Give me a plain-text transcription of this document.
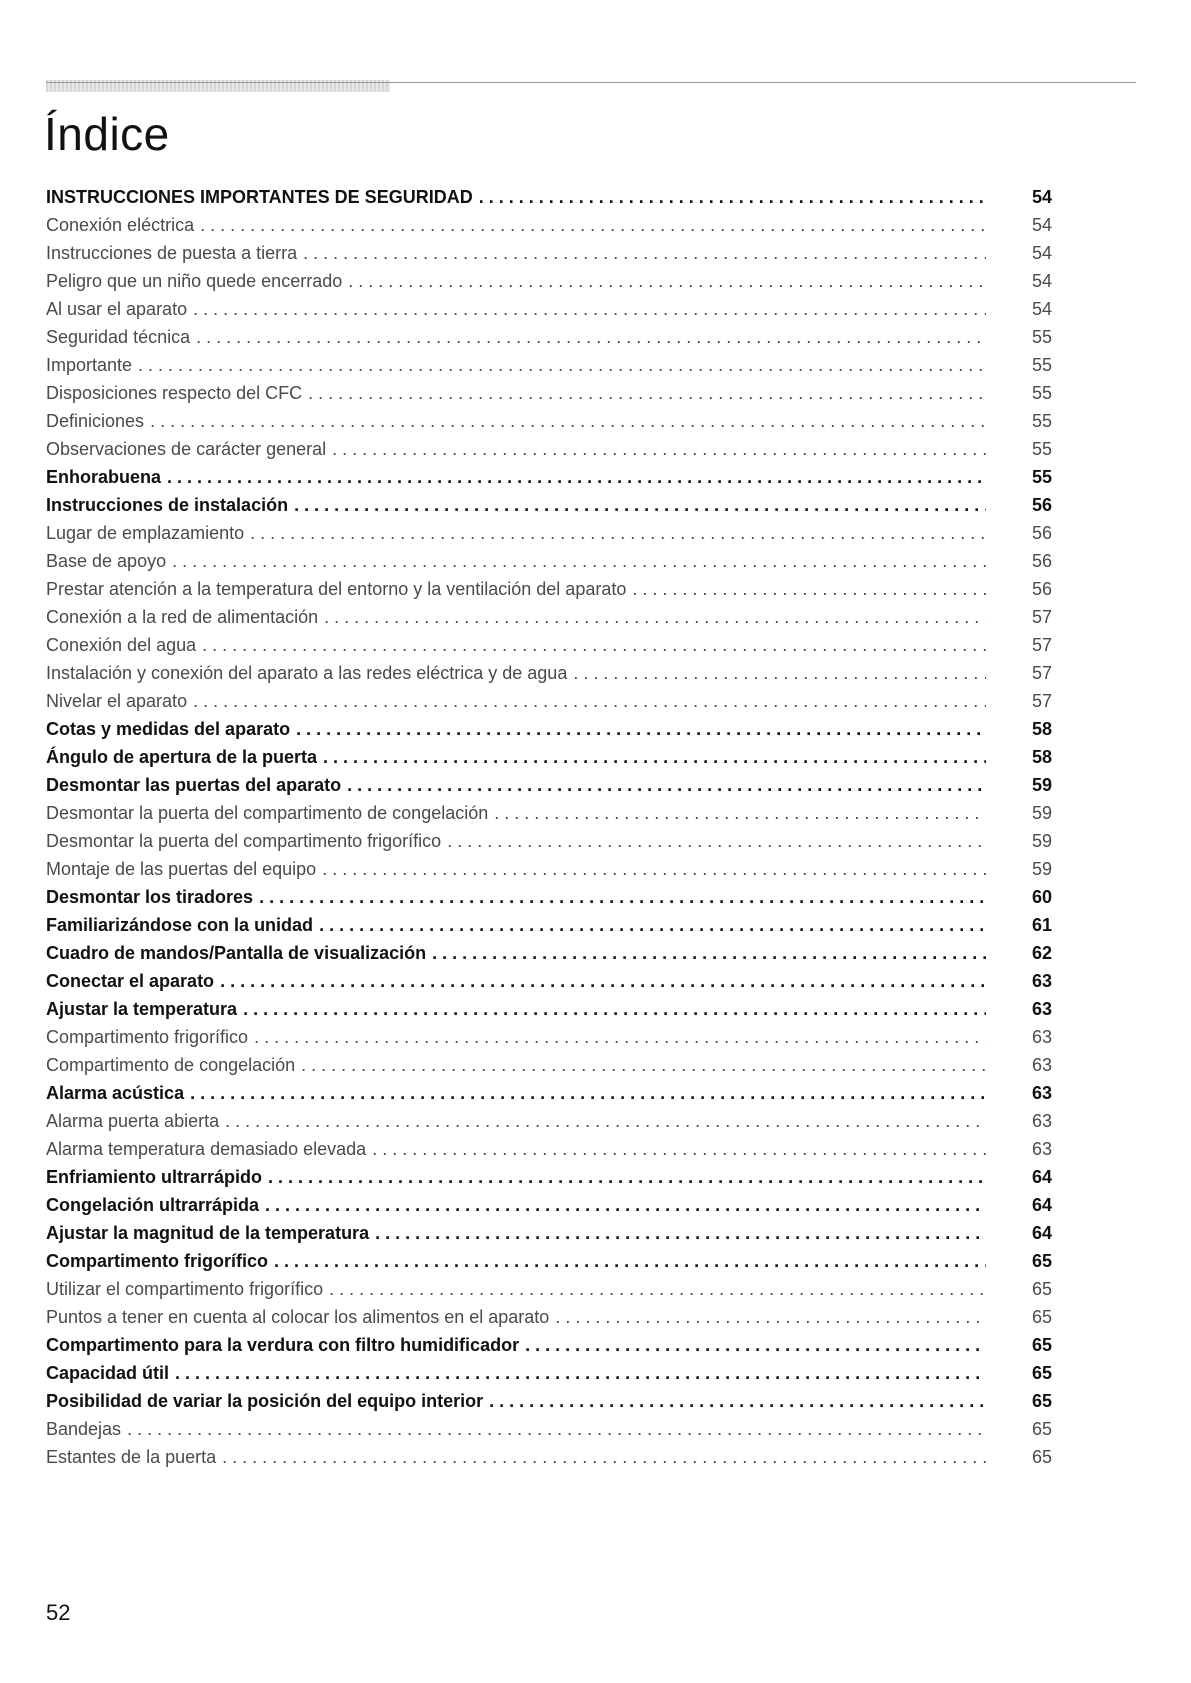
Índice
INSTRUCCIONES IMPORTANTES DE SEGURIDAD . . .	54
Conexión eléctrica . . .	54
Instrucciones de puesta a tierra . . .	54
Peligro que un niño quede encerrado . . .	54
Al usar el aparato . . .	54
Seguridad técnica . . .	55
Importante . . .	55
Disposiciones respecto del CFC . . .	55
Definiciones . . .	55
Observaciones de carácter general . . .	55
Enhorabuena . . .	55
Instrucciones de instalación . . .	56
Lugar de emplazamiento . . .	56
Base de apoyo . . .	56
Prestar atención a la temperatura del entorno y la ventilación del aparato . . .	56
Conexión a la red de alimentación . . .	57
Conexión del agua . . .	57
Instalación y conexión del aparato a las redes eléctrica y de agua . . .	57
Nivelar el aparato . . .	57
Cotas y medidas del aparato . . .	58
Ángulo de apertura de la puerta . . .	58
Desmontar las puertas del aparato . . .	59
Desmontar la puerta del compartimento de congelación . . .	59
Desmontar la puerta del compartimento frigorífico . . .	59
Montaje de las puertas del equipo . . .	59
Desmontar los tiradores . . .	60
Familiarizándose con la unidad . . .	61
Cuadro de mandos/Pantalla de visualización . . .	62
Conectar el aparato . . .	63
Ajustar la temperatura . . .	63
Compartimento frigorífico . . .	63
Compartimento de congelación . . .	63
Alarma acústica . . .	63
Alarma puerta abierta . . .	63
Alarma temperatura demasiado elevada . . .	63
Enfriamiento ultrarrápido . . .	64
Congelación ultrarrápida . . .	64
Ajustar la magnitud de la temperatura . . .	64
Compartimento frigorífico . . .	65
Utilizar el compartimento frigorífico . . .	65
Puntos a tener en cuenta al colocar los alimentos en el aparato . . .	65
Compartimento para la verdura con filtro humidificador . . .	65
Capacidad útil . . .	65
Posibilidad de variar la posición del equipo interior . . .	65
Bandejas . . .	65
Estantes de la puerta . . .	65

52
